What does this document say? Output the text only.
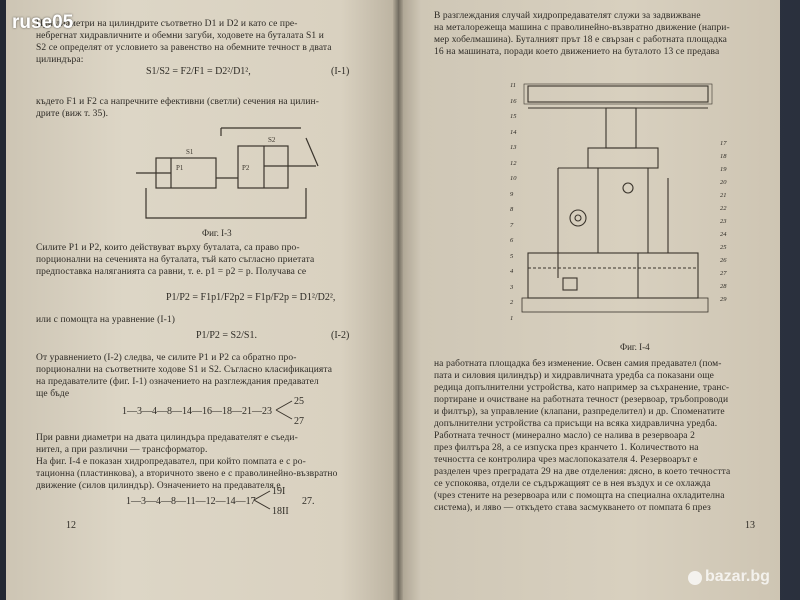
При диаметри на цилиндрите съответно D1 и D2 и като се пре-
небрегнат хидравличните и обемни загуби, ходовете на буталата S1 и
S2 се определят от условието за равенство на обемните течност в двата
цилиндъра:
S1/S2 = F2/F1 = D2²/D1²,	(I-1)
където F1 и F2 са напречните ефективни (светли) сечения на цилин-
дрите (виж т. 35).
S1
S2
P1	P2
Фиг. I-3
Силите P1 и P2, които действуват върху буталата, са право про-
порционални на сеченията на буталата, тъй като съгласно приетата
предпоставка наляганията са равни, т. е. p1 = p2 = p. Получава се
P1/P2 = F1p1/F2p2 = F1p/F2p = D1²/D2²,
или с помощта на уравнение (I-1)
P1/P2 = S2/S1.	(I-2)
От уравнението (I-2) следва, че силите P1 и P2 са обратно про-
порционални на съответните ходове S1 и S2. Съгласно класификацията
на предавателите (фиг. I-1) означението на разглеждания предавател
ще бъде
1—3—4—8—14—16—18—21—23
25
27
При равни диаметри на двата цилиндъра предавателят е съеди-
нител, а при различни — трансформатор.
На фиг. I-4 е показан хидропредавател, при който помпата е с ро-
тационна (пластинкова), а вторичното звено е с праволинейно-възвратно
движение (силов цилиндър). Означението на предавателя е
1—3—4—8—11—12—14—17
19I
18II
27.
12
В разглеждания случай хидропредавателят служи за задвижване
на металорежеща машина с праволинейно-възвратно движение (напри-
мер хобелмашина). Буталният прът 18 е свързан с работната площадка
16 на машината, поради което движението на буталото 13 се предава
11
16
15
14
13
12
10
9
8
7
6
5
4
3
2
1
17
18
19
20
21
22
23
24
25
26
27
28
29
Фиг. I-4
на работната площадка без изменение. Освен самия предавател (пом-
пата и силовия цилиндър) и хидравличната уредба са показани още
редица допълнителни устройства, като например за съхранение, транс-
портиране и очистване на работната течност (резервоар, тръбопроводи
и филтър), за управление (клапани, разпределител) и др. Споменатите
допълнителни устройства са присъщи на всяка хидравлична уредба.
Работната течност (минерално масло) се налива в резервоара 2
през филтъра 28, а се изпуска през кранчето 1. Количеството на
течността се контролира чрез маслопоказателя 4. Резервоарът е
разделен чрез преградата 29 на две отделения: дясно, в което течността
се успокоява, отдели се съдържащият се в нея въздух и се охлажда
(чрез стените на резервоара или с помощта на специална охладителна
система), и ляво — откъдето става засмукването от помпата 6 през
13
ruse05
bazar.bg
